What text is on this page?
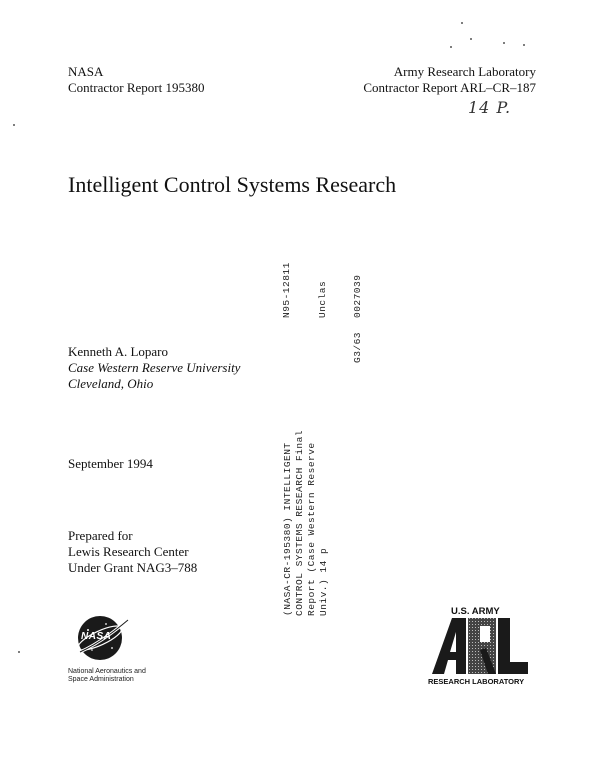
NASA
Contractor Report 195380
Army Research Laboratory
Contractor Report ARL–CR–187
14 P.
Intelligent Control Systems Research
N95-12811	Unclas
G3/63
0027039
Kenneth A. Loparo
Case Western Reserve University
Cleveland, Ohio
September 1994
Prepared for
Lewis Research Center
Under Grant NAG3–788	(NASA-CR-195380) INTELLIGENT CONTROL SYSTEMS RESEARCH Final Report (Case Western Reserve Univ.) 14 p
NASA
National Aeronautics and
Space Administration
U.S. ARMY
RESEARCH LABORATORY
